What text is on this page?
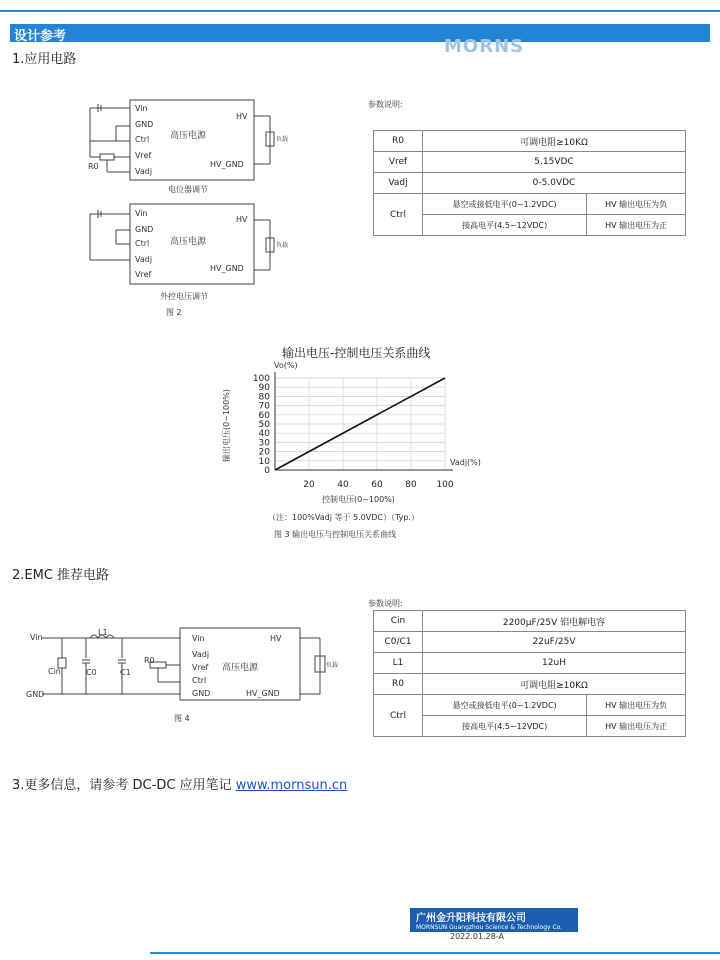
设计参考	MORNS
1.应用电路
Vin
GND
Ctrl
Vref
Vadj
高压电源
HV
HV_GND
R0
负载
电位器调节
Vin
GND
Ctrl
Vadj
Vref
高压电源
HV
HV_GND
负载
外控电压调节
图 2
参数说明:
R0	可调电阻≥10KΩ	
Vref	5.15VDC	
Vadj	0-5.0VDC	
Ctrl	悬空或接低电平(0~1.2VDC)	HV 输出电压为负
	接高电平(4.5~12VDC)	HV 输出电压为正
输出电压-控制电压关系曲线
Vo(%)
输出电压(0~100%)
20	40	60	80 100
0
10
20
30
40
50
60
70
80
90
100
Vadj(%)
控制电压(0~100%)
（注：100%Vadj 等于 5.0VDC）（Typ.）
图 3 输出电压与控制电压关系曲线
2.EMC 推荐电路
Vin
GND
L1
Cin	C0	C1
R0
Vin
Vadj
Vref
Ctrl
GND
高压电源
HV
HV_GND
负载
图 4
参数说明:
Cin	2200μF/25V 铝电解电容	
C0/C1	22uF/25V	
L1	12uH	
R0	可调电阻≥10KΩ	
Ctrl	悬空或接低电平(0~1.2VDC)	HV 输出电压为负
	接高电平(4.5~12VDC)	HV 输出电压为正
3.更多信息，请参考 DC-DC 应用笔记 www.mornsun.cn
广州金升阳科技有限公司
MORNSUN Guangzhou Science & Technology Co.
2022.01.28-A
